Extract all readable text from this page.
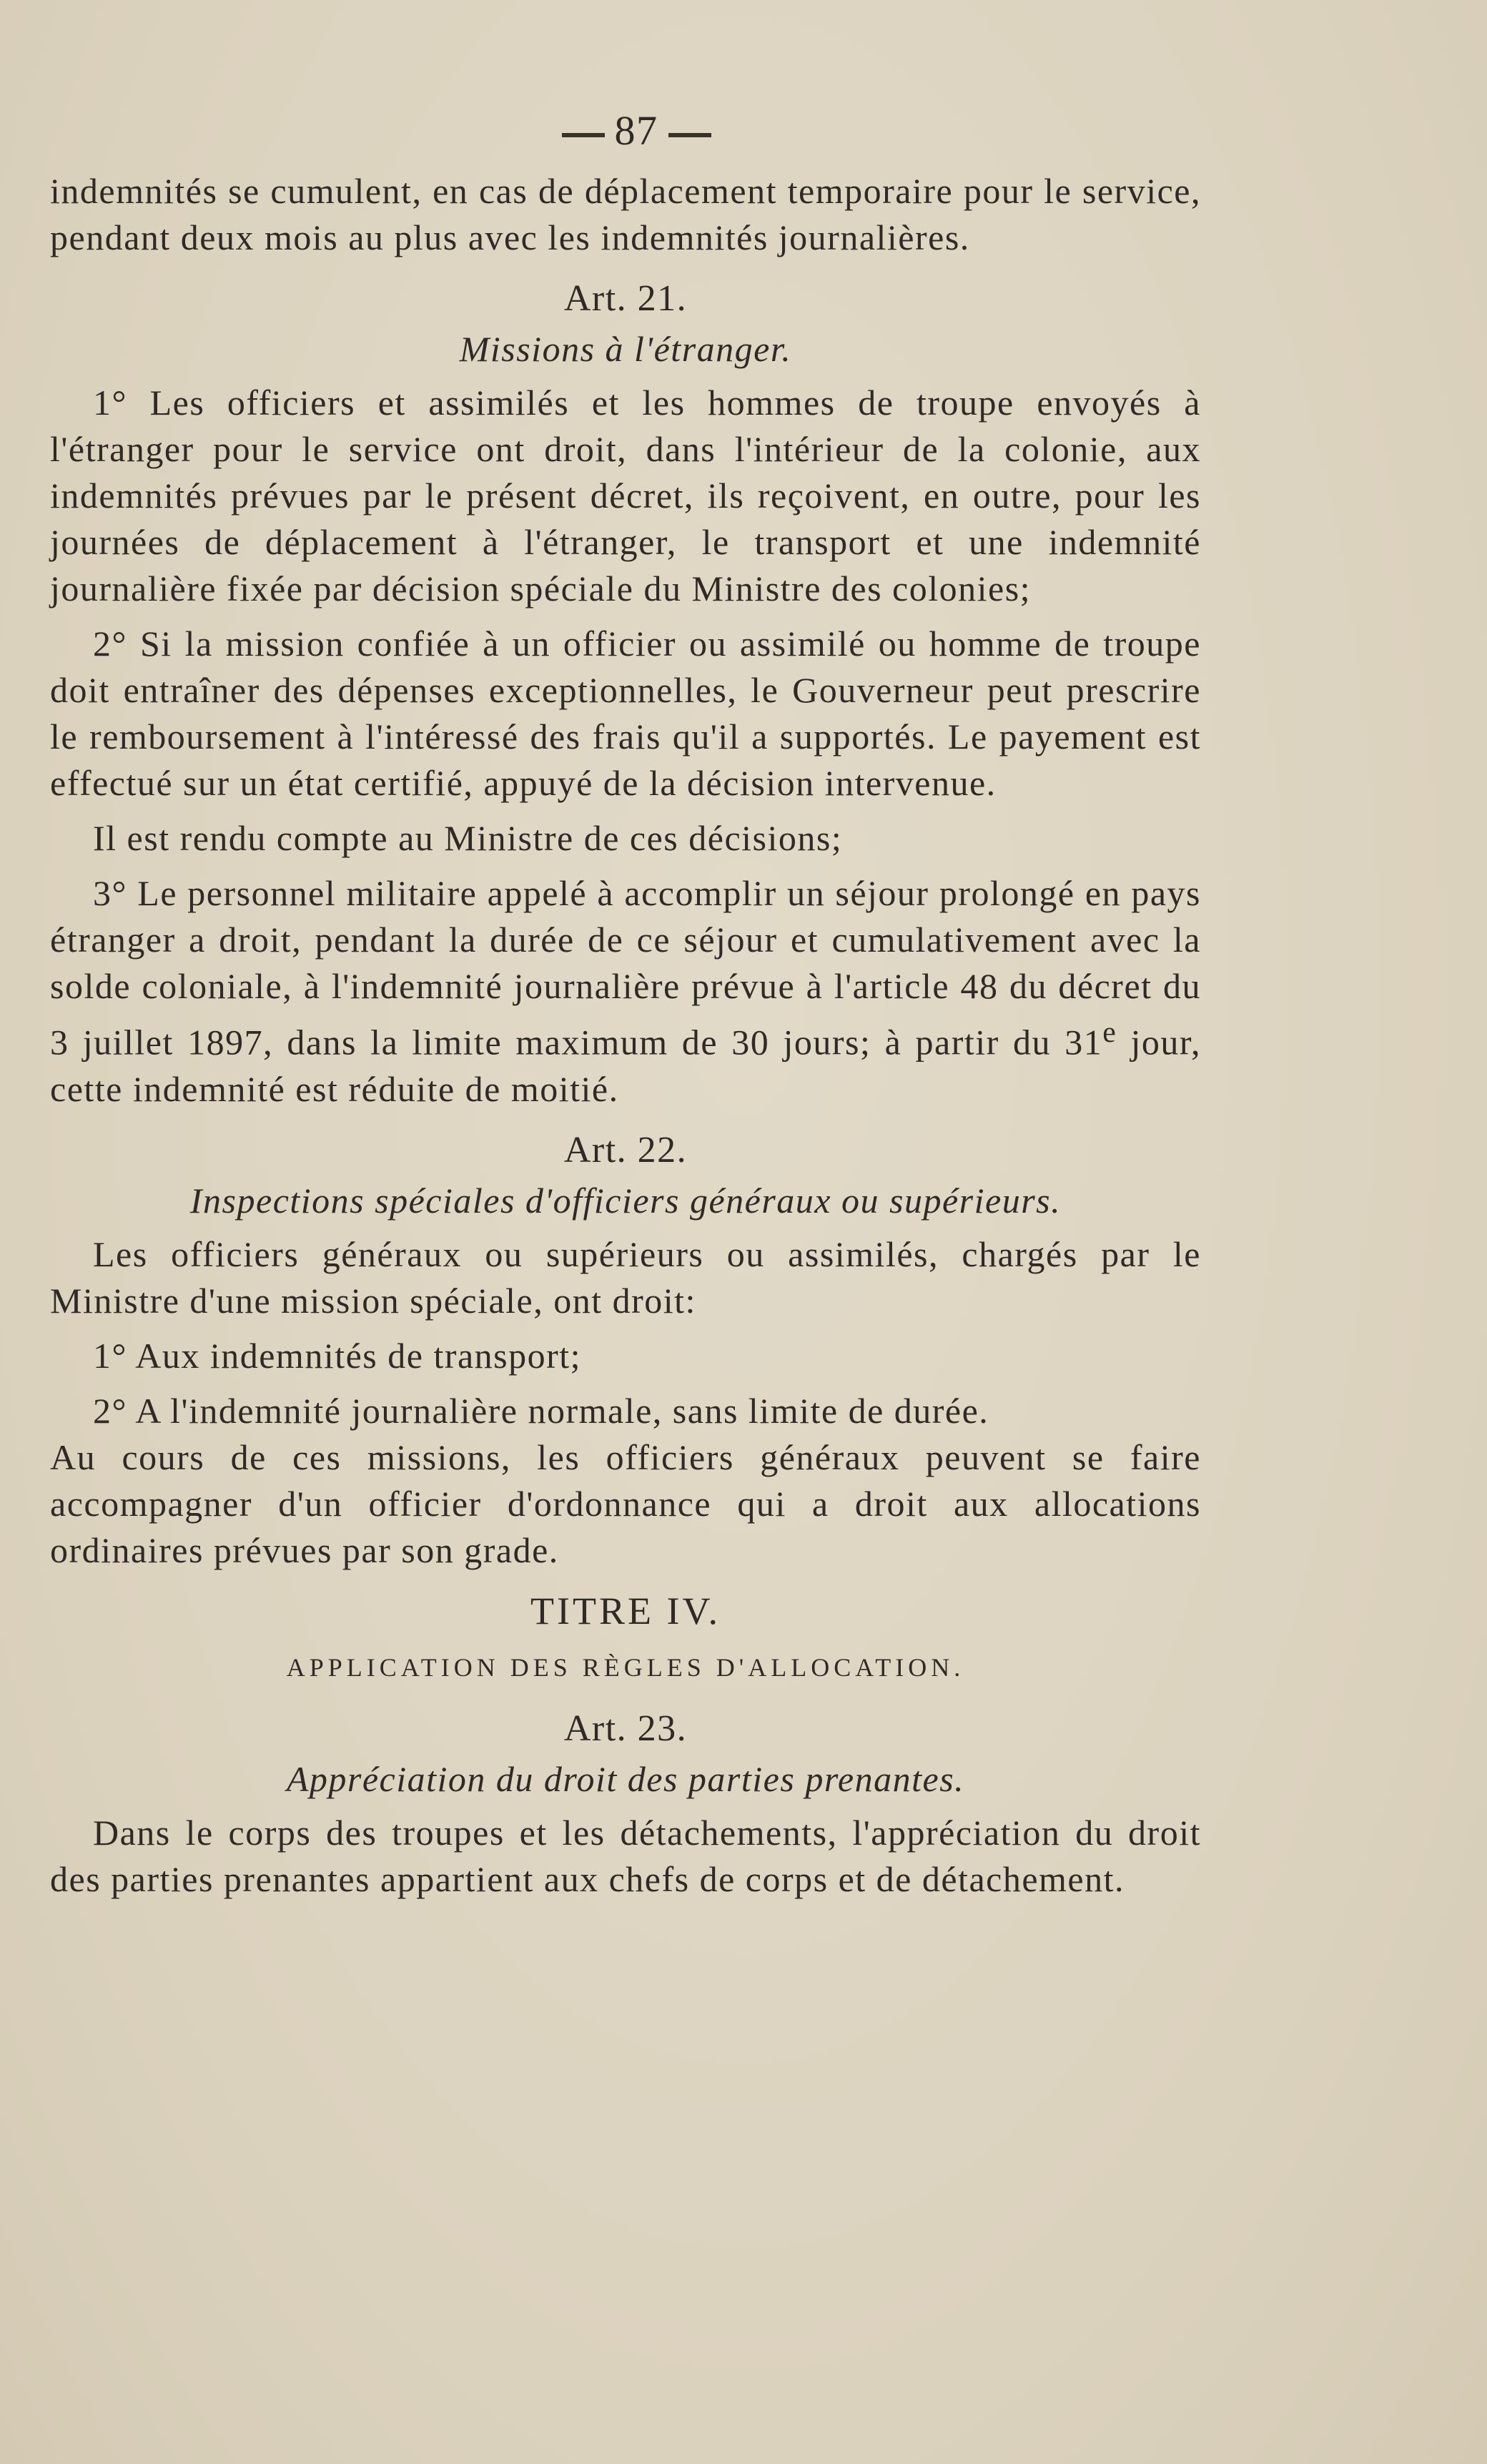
87

indemnités se cumulent, en cas de déplacement temporaire pour le service, pendant deux mois au plus avec les indemnités journalières.

Art. 21.
Missions à l'étranger.

1° Les officiers et assimilés et les hommes de troupe envoyés à l'étranger pour le service ont droit, dans l'intérieur de la colonie, aux indemnités prévues par le présent décret, ils reçoivent, en outre, pour les journées de déplacement à l'étranger, le transport et une indemnité journalière fixée par décision spéciale du Ministre des colonies;

2° Si la mission confiée à un officier ou assimilé ou homme de troupe doit entraîner des dépenses exceptionnelles, le Gouverneur peut prescrire le remboursement à l'intéressé des frais qu'il a supportés. Le payement est effectué sur un état certifié, appuyé de la décision intervenue.

Il est rendu compte au Ministre de ces décisions;

3° Le personnel militaire appelé à accomplir un séjour prolongé en pays étranger a droit, pendant la durée de ce séjour et cumulativement avec la solde coloniale, à l'indemnité journalière prévue à l'article 48 du décret du 3 juillet 1897, dans la limite maximum de 30 jours; à partir du 31e jour, cette indemnité est réduite de moitié.

Art. 22.
Inspections spéciales d'officiers généraux ou supérieurs.

Les officiers généraux ou supérieurs ou assimilés, chargés par le Ministre d'une mission spéciale, ont droit:

1° Aux indemnités de transport;

2° A l'indemnité journalière normale, sans limite de durée.

Au cours de ces missions, les officiers généraux peuvent se faire accompagner d'un officier d'ordonnance qui a droit aux allocations ordinaires prévues par son grade.

TITRE IV.
APPLICATION DES RÈGLES D'ALLOCATION.
Art. 23.
Appréciation du droit des parties prenantes.

Dans le corps des troupes et les détachements, l'appréciation du droit des parties prenantes appartient aux chefs de corps et de détachement.
